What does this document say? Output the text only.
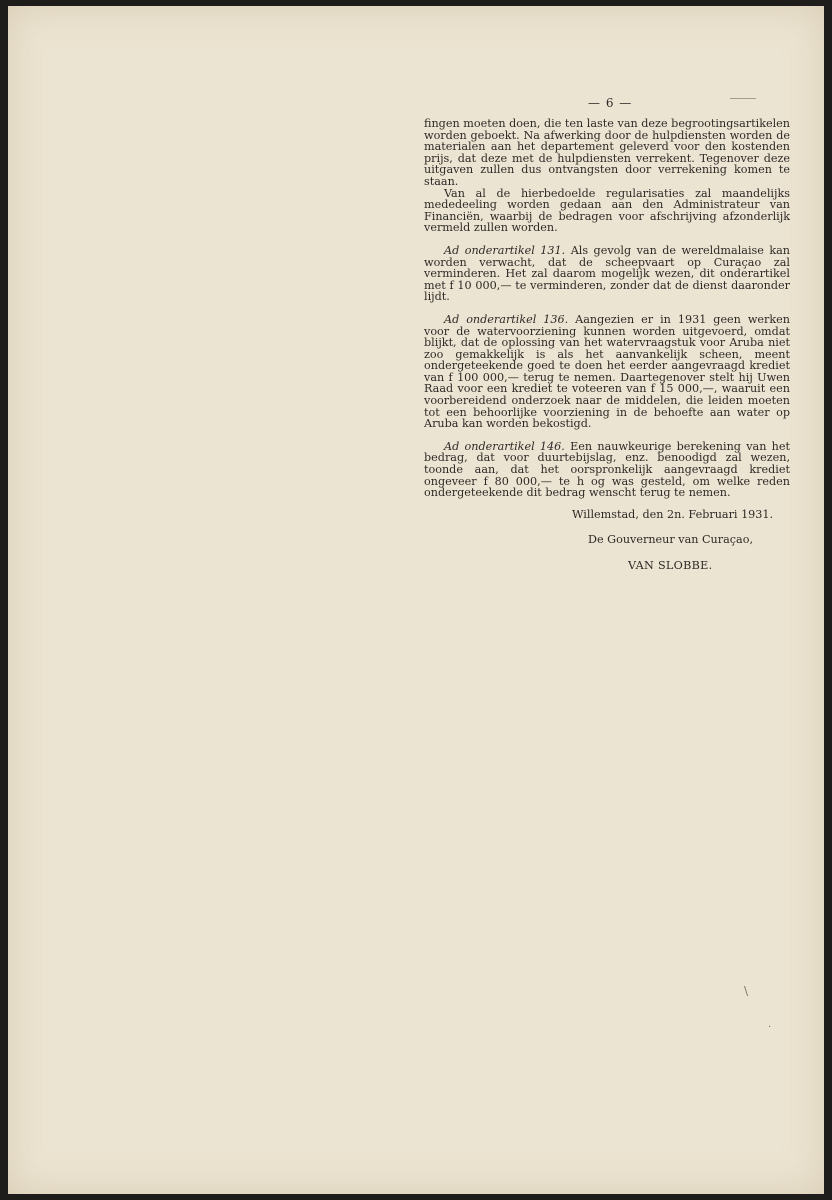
— 6 —

fingen moeten doen, die ten laste van deze begrootingsartikelen worden geboekt. Na afwerking door de hulpdiensten worden de materialen aan het departement geleverd voor den kostenden prijs, dat deze met de hulpdiensten verrekent. Tegenover deze uitgaven zullen dus ontvangsten door verrekening komen te staan.

Van al de hierbedoelde regularisaties zal maandelijks mededeeling worden gedaan aan den Administrateur van Financiën, waarbij de bedragen voor afschrijving afzonderlijk vermeld zullen worden.

Ad onderartikel 131. Als gevolg van de wereldmalaise kan worden verwacht, dat de scheepvaart op Curaçao zal verminderen. Het zal daarom mogelijk wezen, dit onderartikel met f 10 000,— te verminderen, zonder dat de dienst daaronder lijdt.

Ad onderartikel 136. Aangezien er in 1931 geen werken voor de watervoorziening kunnen worden uitgevoerd, omdat blijkt, dat de oplossing van het watervraagstuk voor Aruba niet zoo gemakkelijk is als het aanvankelijk scheen, meent ondergeteekende goed te doen het eerder aangevraagd krediet van f 100 000,— terug te nemen. Daartegenover stelt hij Uwen Raad voor een krediet te voteeren van f 15 000,—, waaruit een voorbereidend onderzoek naar de middelen, die leiden moeten tot een behoorlijke voorziening in de behoefte aan water op Aruba kan worden bekostigd.

Ad onderartikel 146. Een nauwkeurige berekening van het bedrag, dat voor duurtebijslag, enz. benoodigd zal wezen, toonde aan, dat het oorspronkelijk aangevraagd krediet ongeveer f 80 000,— te h og was gesteld, om welke reden ondergeteekende dit bedrag wenscht terug te nemen.

Willemstad, den 2n. Februari 1931.
De Gouverneur van Curaçao,
VAN SLOBBE.
\
·
